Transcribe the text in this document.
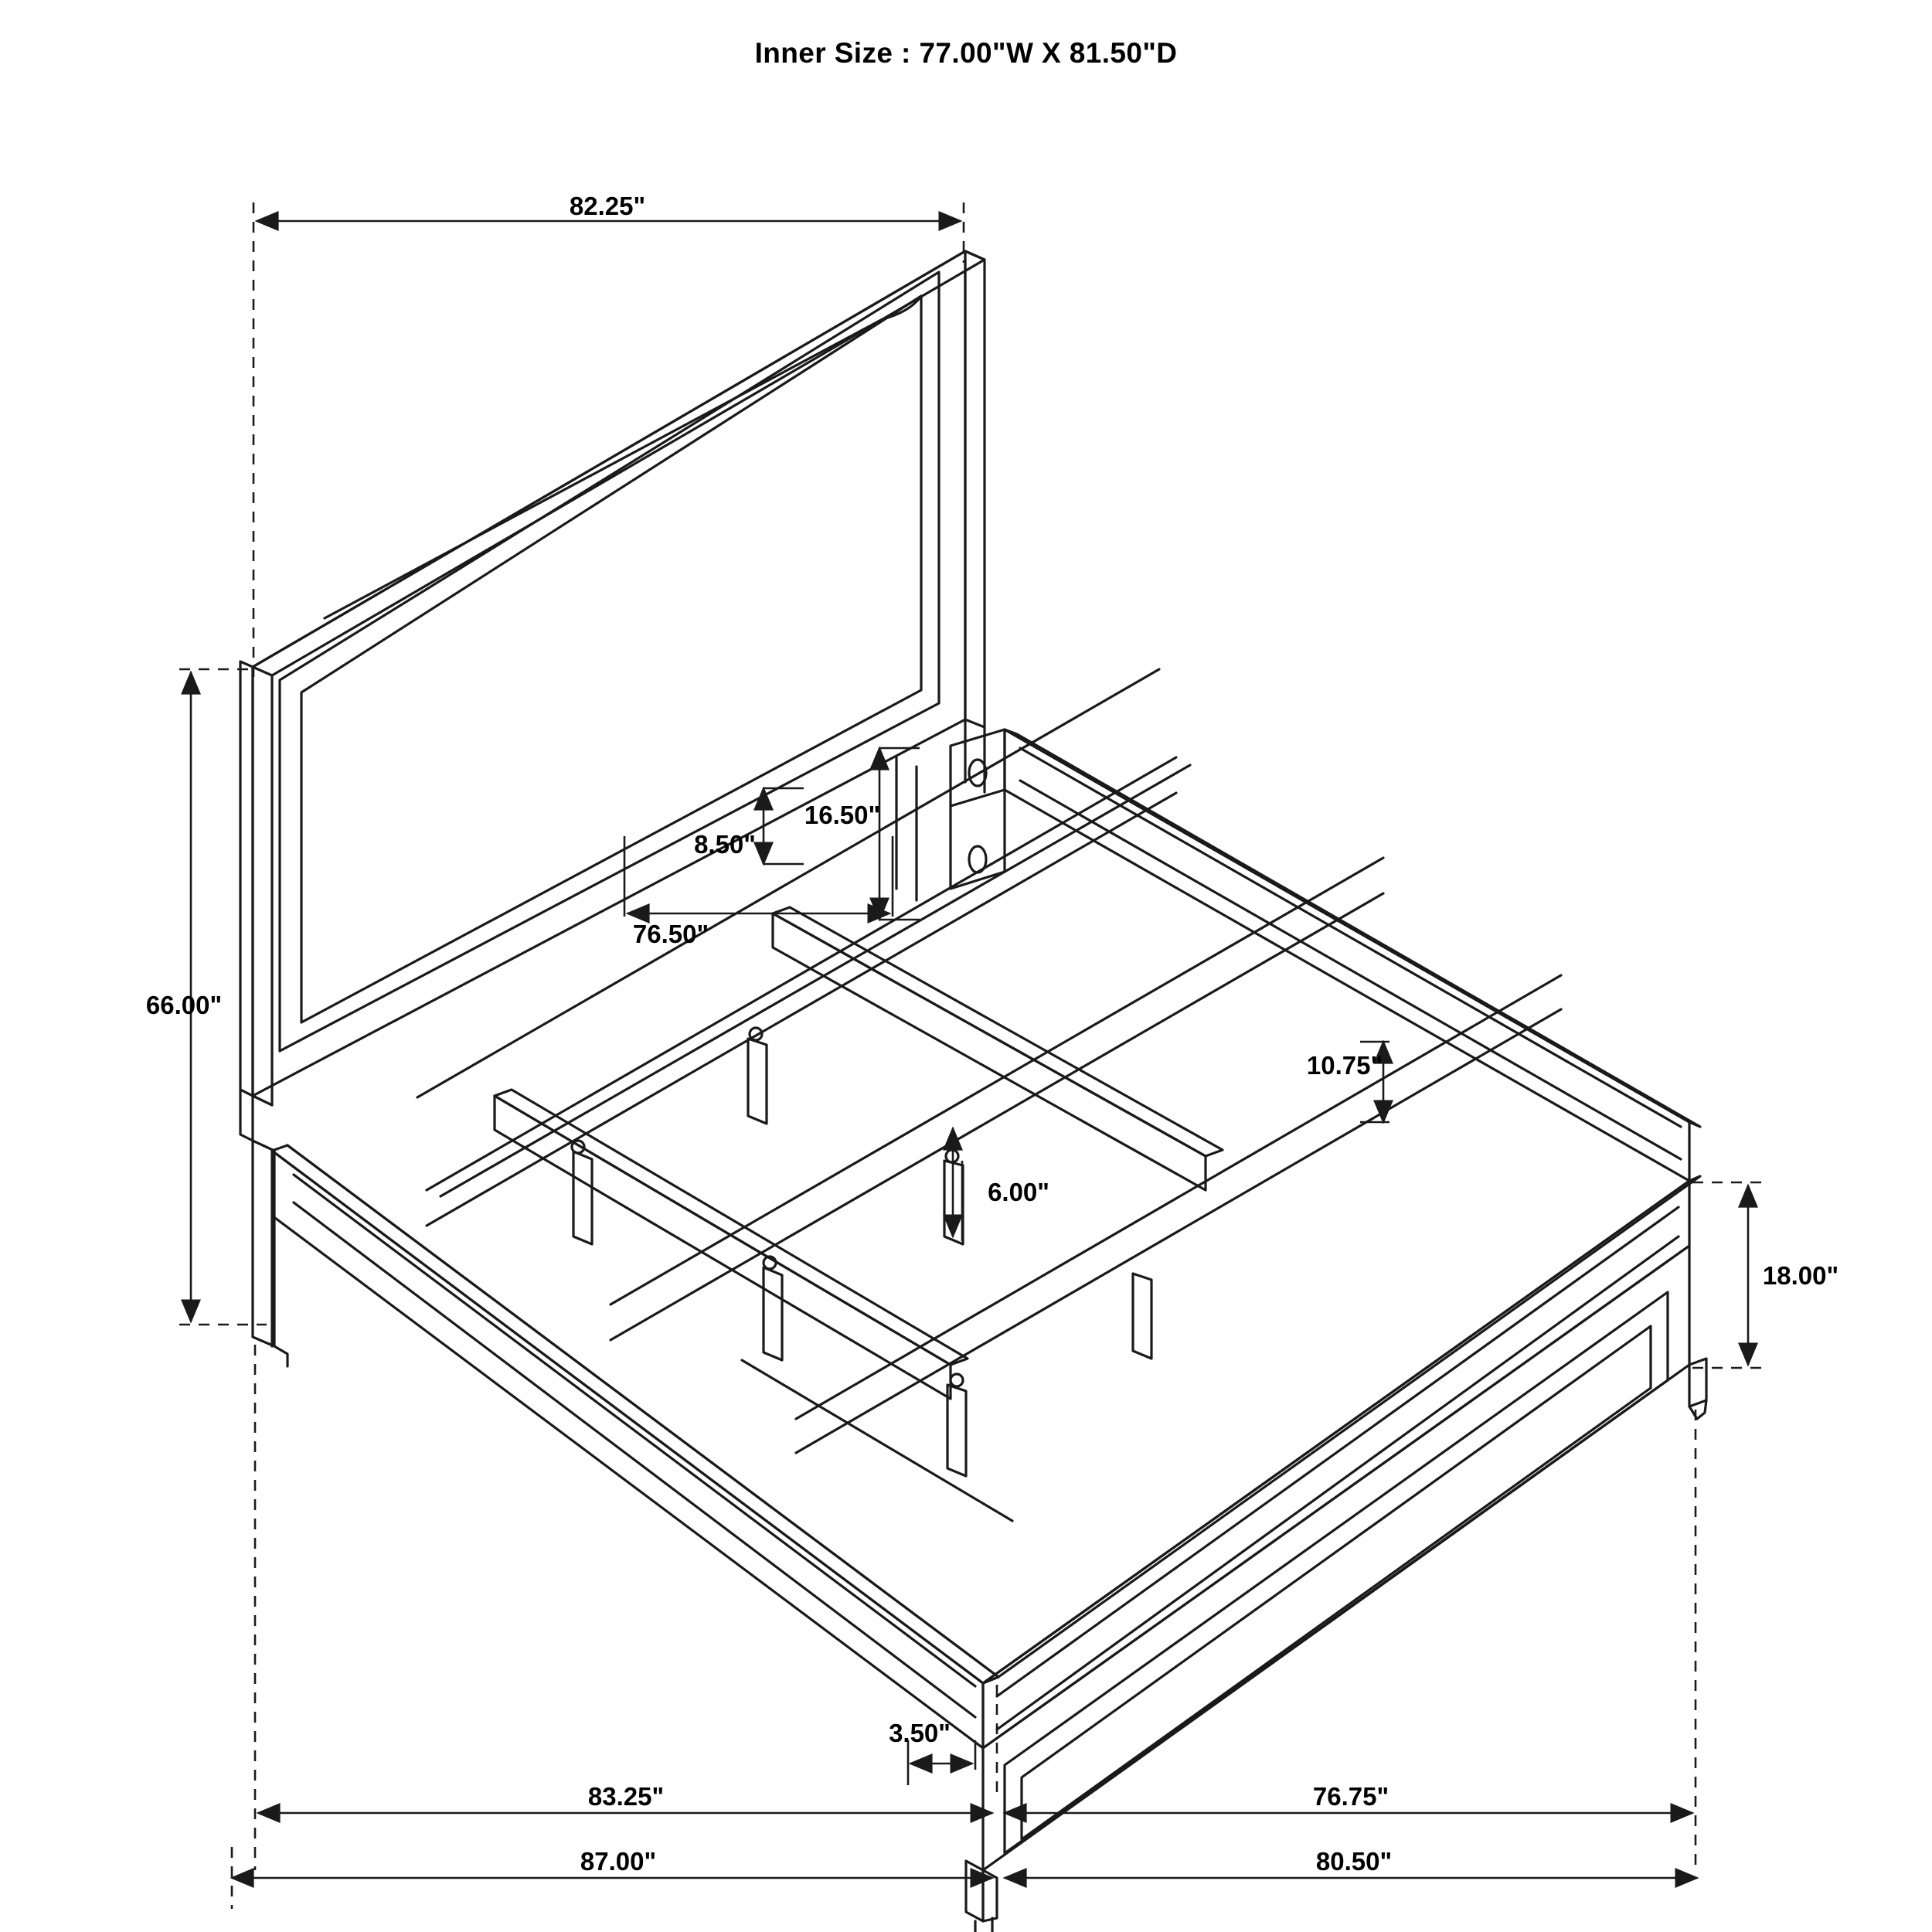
Inner Size : 77.00"W X 81.50"D
82.25"
66.00"
76.50"
16.50"
8.50"
10.75"
6.00"
18.00"
3.50"
83.25"	76.75"
87.00"	80.50"
